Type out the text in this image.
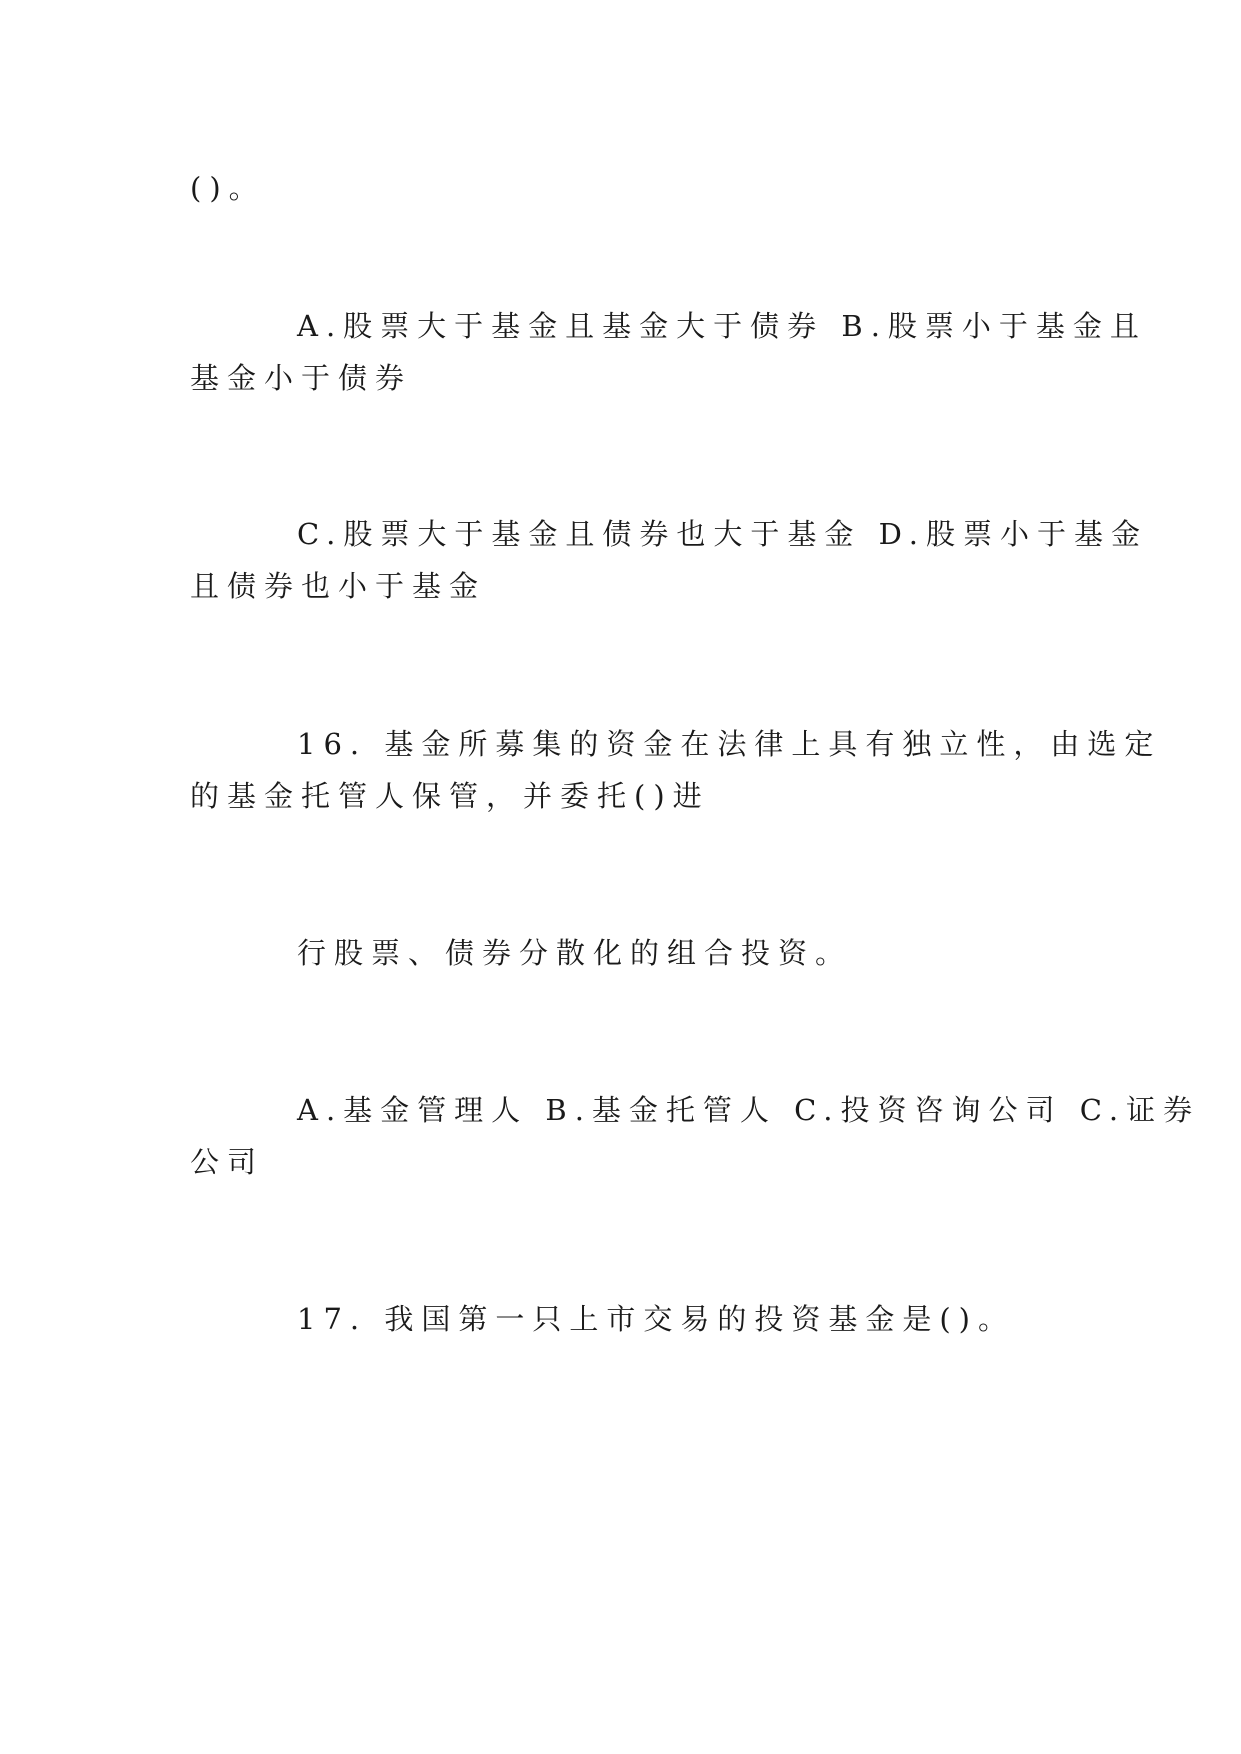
()。
A.股票大于基金且基金大于债券 B.股票小于基金且
基金小于债券
C.股票大于基金且债券也大于基金 D.股票小于基金
且债券也小于基金
16. 基金所募集的资金在法律上具有独立性，由选定
的基金托管人保管，并委托()进
行股票、债券分散化的组合投资。
A.基金管理人 B.基金托管人 C.投资咨询公司 C.证券
公司
17. 我国第一只上市交易的投资基金是()。
